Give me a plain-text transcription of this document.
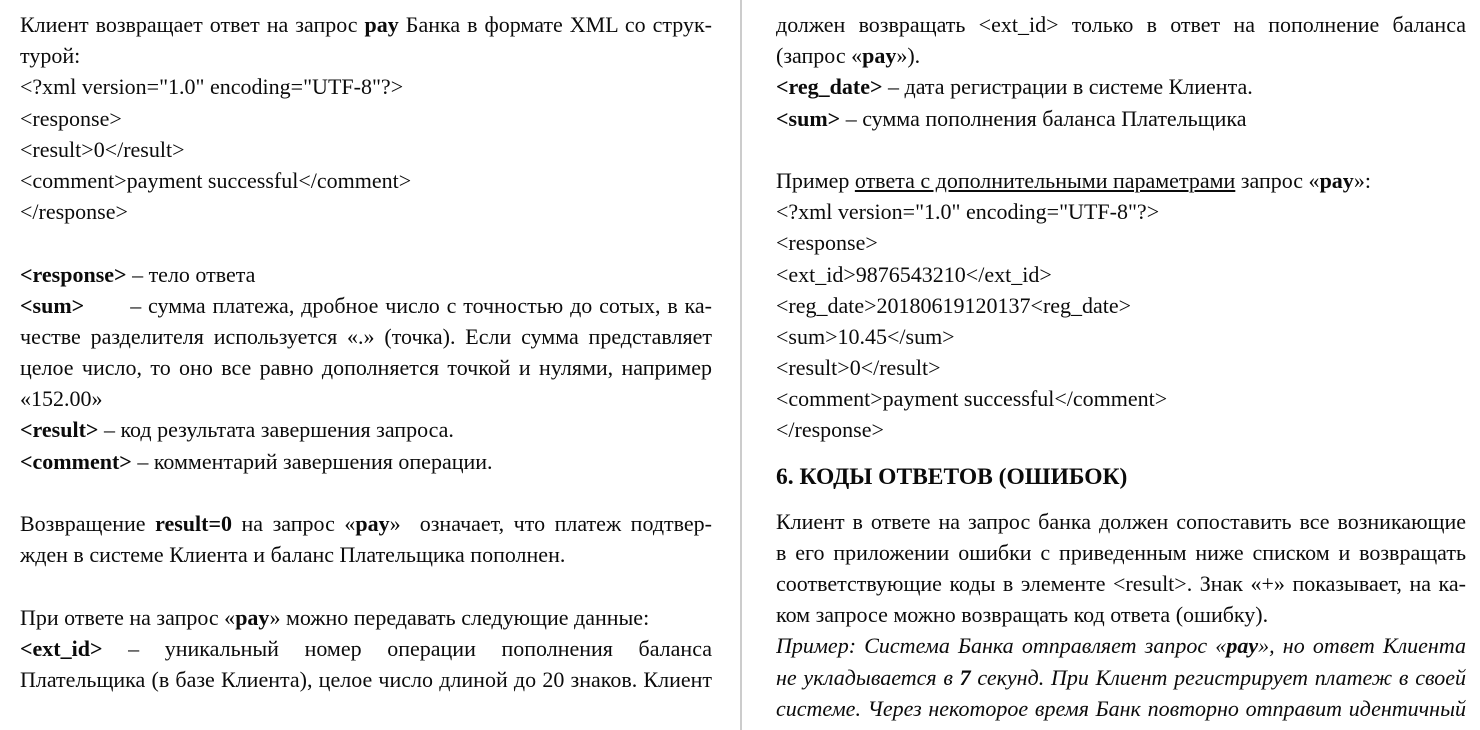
Клиент возвращает ответ на запрос pay Банка в формате XML со струк-
турой:
<?xml version="1.0" encoding="UTF-8"?>
<response>
<result>0</result>
<comment>payment successful</comment>
</response>

<response> – тело ответа
<sum> – сумма платежа, дробное число с точностью до сотых, в ка-
честве разделителя используется «.» (точка). Если сумма представляет
целое число, то оно все равно дополняется точкой и нулями, например
«152.00»
<result> – код результата завершения запроса.
<comment> – комментарий завершения операции.

Возвращение result=0 на запрос «pay»  означает, что платеж подтвер-
жден в системе Клиента и баланс Плательщика пополнен.

При ответе на запрос «pay» можно передавать следующие данные:
<ext_id> – уникальный номер операции пополнения баланса
Плательщика (в базе Клиента), целое число длиной до 20 знаков. Клиент
должен возвращать <ext_id> только в ответ на пополнение баланса
(запрос «pay»).
<reg_date> – дата регистрации в системе Клиента.
<sum> – сумма пополнения баланса Плательщика

Пример ответа с дополнительными параметрами запрос «pay»:
<?xml version="1.0" encoding="UTF-8"?>
<response>
<ext_id>9876543210</ext_id>
<reg_date>20180619120137<reg_date>
<sum>10.45</sum>
<result>0</result>
<comment>payment successful</comment>
</response>
6. КОДЫ ОТВЕТОВ (ОШИБОК)
Клиент в ответе на запрос банка должен сопоставить все возникающие
в его приложении ошибки с приведенным ниже списком и возвращать
соответствующие коды в элементе <result>. Знак «+» показывает, на ка-
ком запросе можно возвращать код ответа (ошибку).
Пример: Система Банка отправляет запрос «pay», но ответ Клиента
не укладывается в 7 секунд. При Клиент регистрирует платеж в своей
системе. Через некоторое время Банк повторно отправит идентичный
